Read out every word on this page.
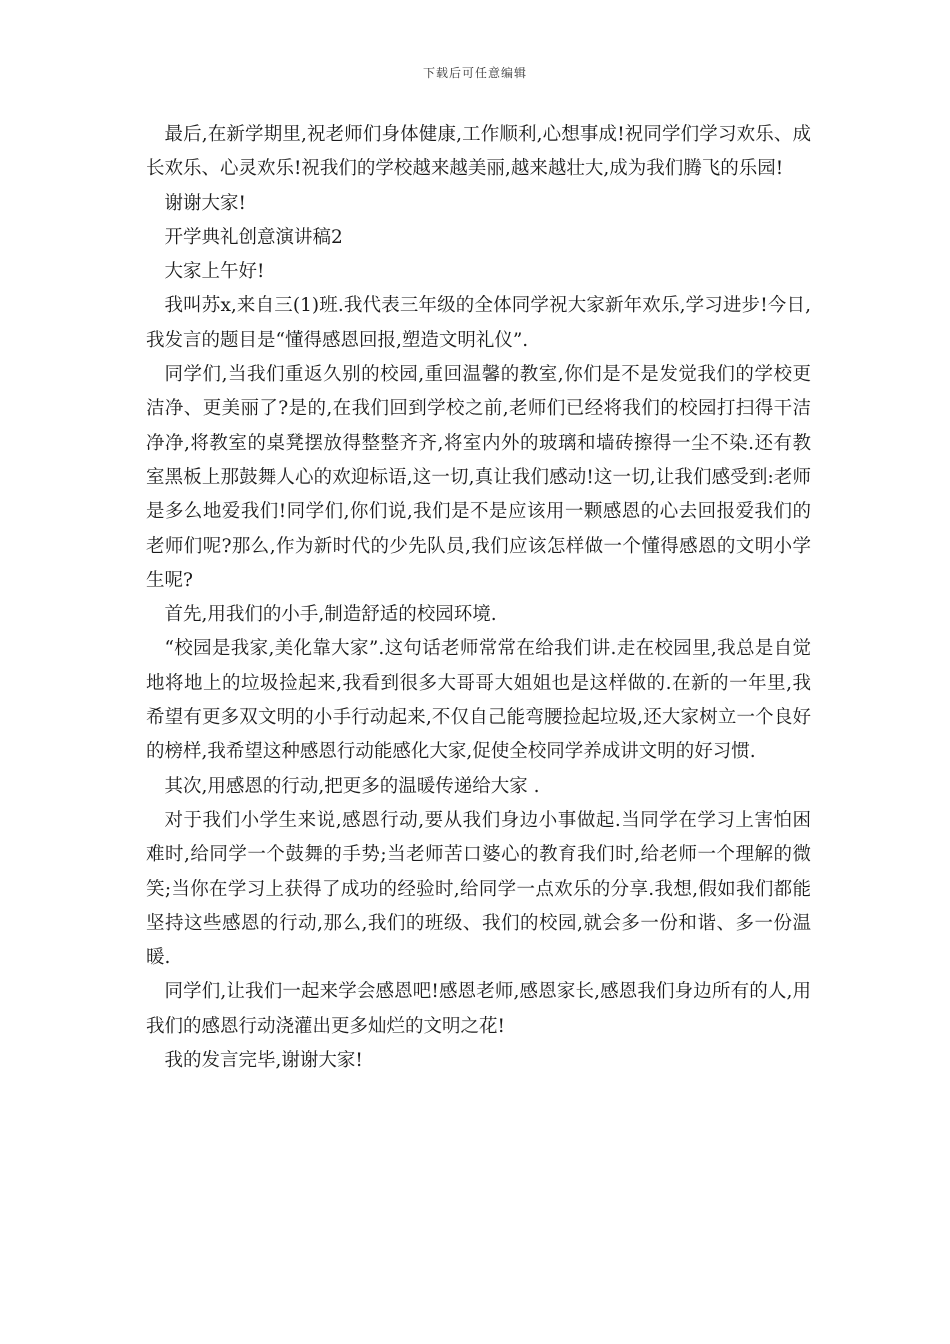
下载后可任意编辑

最后,在新学期里,祝老师们身体健康,工作顺利,心想事成!祝同学们学习欢乐、成长欢乐、心灵欢乐!祝我们的学校越来越美丽,越来越壮大,成为我们腾飞的乐园!

谢谢大家!

开学典礼创意演讲稿2

大家上午好!

我叫苏x,来自三(1)班.我代表三年级的全体同学祝大家新年欢乐,学习进步!今日,我发言的题目是“懂得感恩回报,塑造文明礼仪”.

同学们,当我们重返久别的校园,重回温馨的教室,你们是不是发觉我们的学校更洁净、更美丽了?是的,在我们回到学校之前,老师们已经将我们的校园打扫得干洁净净,将教室的桌凳摆放得整整齐齐,将室内外的玻璃和墙砖擦得一尘不染.还有教室黑板上那鼓舞人心的欢迎标语,这一切,真让我们感动!这一切,让我们感受到:老师是多么地爱我们!同学们,你们说,我们是不是应该用一颗感恩的心去回报爱我们的老师们呢?那么,作为新时代的少先队员,我们应该怎样做一个懂得感恩的文明小学生呢?

首先,用我们的小手,制造舒适的校园环境.

“校园是我家,美化靠大家”.这句话老师常常在给我们讲.走在校园里,我总是自觉地将地上的垃圾捡起来,我看到很多大哥哥大姐姐也是这样做的.在新的一年里,我希望有更多双文明的小手行动起来,不仅自己能弯腰捡起垃圾,还大家树立一个良好的榜样,我希望这种感恩行动能感化大家,促使全校同学养成讲文明的好习惯.

其次,用感恩的行动,把更多的温暖传递给大家 .

对于我们小学生来说,感恩行动,要从我们身边小事做起.当同学在学习上害怕困难时,给同学一个鼓舞的手势;当老师苦口婆心的教育我们时,给老师一个理解的微笑;当你在学习上获得了成功的经验时,给同学一点欢乐的分享.我想,假如我们都能坚持这些感恩的行动,那么,我们的班级、我们的校园,就会多一份和谐、多一份温暖.

同学们,让我们一起来学会感恩吧!感恩老师,感恩家长,感恩我们身边所有的人,用我们的感恩行动浇灌出更多灿烂的文明之花!

我的发言完毕,谢谢大家!
